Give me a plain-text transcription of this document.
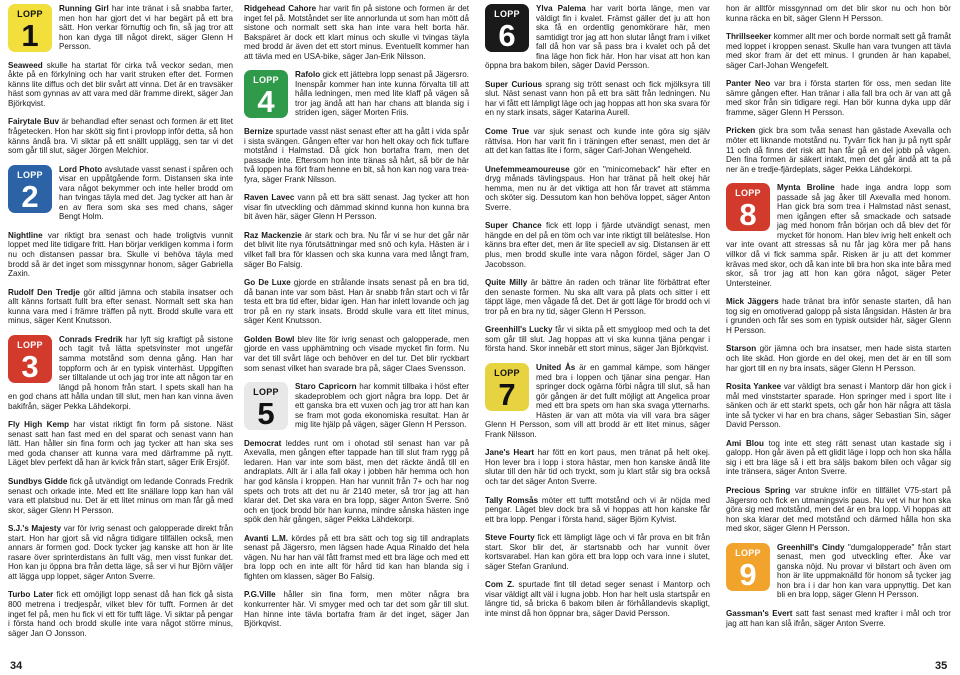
LOPP
1

Running Girl har inte tränat i så snabba farter, men hon har gjort det vi har begärt på ett bra sätt. Hon verkar förnuftig och fin, så jag tror att hon kan dyga till något direkt, säger Glenn H Persson.

Seaweed skulle ha startat för cirka två veckor sedan, men åkte på en förkylning och har varit struken efter det. Formen känns lite diffus och det blir svårt att vinna. Det är en travsäker häst som gynnas av att vara med där framme direkt, säger Jan Björkqvist.

Fairytale Buv är behandlad efter senast och formen är ett litet frågetecken. Hon har skött sig fint i provlopp inför detta, så hon känns ändå bra. Vi siktar på ett snällt upplägg, sen tar vi det som går till slut, säger Jörgen Melchior.

LOPP
2

Lord Photo avslutade vasst senast i spåren och visar en uppåtgående form. Distansen ska inte vara något bekymmer och inte heller brodd om han tvingas täyla med det. Jag tycker att han är en av flera som ska ses med chans, säger Bengt Holm.

Nightline var riktigt bra senast och hade troligtvis vunnit loppet med lite tidigare fritt. Han börjar verkligen komma i form nu och distansen passar bra. Skulle vi behöva täyla med brodd så är det inget som missgynnar honom, säger Gabriella Zaxin.

Rudolf Den Tredje gör alltid jämna och stabila insatser och allt känns fortsatt fullt bra efter senast. Normalt sett ska han kunna vara med i främre träffen på nytt. Brodd skulle vara ett minus, säger Kent Knutsson.

LOPP
3

Conrads Fredrik har lyft sig kraftigt på sistone och tagit två lätta spetsvinster mot ungefär samma motstånd som denna gång. Han har toppform och är en typisk vinterhäst. Uppgiften ser tilltalande ut och jag tror inte att någon tar en längd på honom från start. I spets skall han ha en god chans att hålla undan till slut, men han kan vinna även bakifrån, säger Pekka Lähdekorpi.

Fly High Kemp har vistat riktigt fin form på sistone. Näst senast satt han fast med en del sparat och senast vann han lätt. Han håller sin fina form och jag tycker att han ska ses med goda chanser att kunna vara med därframme på nytt. Läget blev perfekt då han är kvick från start, säger Erik Ersjöf.

Sundbys Gidde fick gå utvändigt om ledande Conrads Fredrik senast och orkade inte. Med ett lite snällare lopp kan han väl vara ett platsbud nu. Det är ett litet minus om man får gå med skor, säger Glenn H Persson.

S.J.'s Majesty var för ivrig senast och galopperade direkt från start. Hon har gjort så vid några tidigare tillfällen också, men annars är formen god. Dock tycker jag kanske att hon är lite rasare över sprinterdistans än fullt väg, men visst funkar det. Hon kan ju öppna bra från detta läge, så ser vi hur Björn väljer att lägga upp loppet, säger Anton Sverre.

Turbo Later fick ett omöjligt lopp senast då han fick gå sista 800 metrena i tredjespår, vilket blev för tufft. Formen är det inget fel på, men hu fick vi ett för tufft läge. Vi siktar på pengar i första hand och brodd skulle inte vara något större minus, säger Jan O Jonsson.

Ridgehead Cahore har varit fin på sistone och formen är det inget fel på. Motståndet ser lite annorlunda ut som han mött då sistone och normalt sett ska han inte vara helt borta här. Bakspäret är dock ett klart minus och skulle vi tvingas täyla med brodd är även det ett stort minus. Eventuellt kommer han att tävla med en USA-bike, säger Jan-Erik Nilsson.

LOPP
4

Rafolo gick ett jättebra lopp senast på Jägersro. Inenspår kommer han inte kunna förvalta till att hålla ledningen, men med lite klaff på vägen så tror jag ändå att han har chans att blanda sig i striden igen, säger Morten Friis.

Bernize spurtade vasst näst senast efter att ha gått i vida spår i sista svängen. Gången efter var hon helt okay och fick tuffare motstånd i Halmstad. Då gick hon bortafra fram, men det passade inte. Eftersom hon inte tränas så hårt, så bör de här två loppen ha fört fram henne en bit, så hon kan nog vara trea-fyra, säger Frank Nilsson.

Raven Lavec vann på ett bra sätt senast. Jag tycker att hon visar fin utveckling och dämmad skinnd kunna hon kunna bra bit även här, säger Glenn H Persson.

Raz Mackenzie är stark och bra. Nu får vi se hur det går när det blivit lite nya förutsättningar med snö och kyla. Hästen är i vilket fall bra för klassen och ska kunna vara med långt fram, säger Bo Falsig.

Go De Luxe gjorde en strålande insats senast på en bra tid, då banan inte var som bäst. Han är snabb från start och vi får testa ett bra tid efter, bidar igen. Han har inlett lovande och jag tror på en ny stark insats. Brodd skulle vara ett litet minus, säger Kent Knutsson.

Golden Bowl blev lite för ivrig senast och galopperade, men gjorde en vass upphämtning och visade mycket fin form. Nu var det till svårt läge och behöver en del tur. Det blir ryckbart som senast vilket han svarade bra på, säger Claes Svensson.

LOPP
5

Staro Capricorn har kommit tillbaka i höst efter skadeproblem och gjort några bra lopp. Det är ett ganska bra ett vuxen och jag tror att han kan se fram mot goda ekonomiska resultat. Han är mig lite hjälp på vägen, säger Glenn H Persson.

Democrat leddes runt om i ohotad stil senast han var på Axevalla, men gången efter tappade han till slut fram rygg på ledaren. Han var inte som bäst, men det räckte ändå till en andraplats. Allt är i alla fall okay i jobben här hemma och hon har god känsla i kroppen. Han har vunnit från 7+ och har nog spets och trots att det nu är 2140 meter, så tror jag att han klarar det. Det ska vara en bra lopp, säger Anton Sverre. Snö och en tjock brodd bör han kunna, mindre sånska hästen inge spök den här gången, säger Pekka Lähdekorpi.

Avanti L.M. kördes på ett bra sätt och tog sig till andraplats senast på Jägersro, men lägsen hade Aqua Rinaldo det hela vägen. Nu har han väl fått framst med ett bra läge och med ett bra lopp och en inte allt för hård tid kan han blanda sig i fighten om klassen, säger Bo Falsig.

P.G.Ville håller sin fina form, men möter några bra konkurrenter här. Vi smyger med och tar det som går till slut. Han hinne inte tävla bortafra fram är det inget, säger Jan Björkqvist.

LOPP
6

Ylva Palema har varit borta länge, men var väldigt fin i kvalet. Främst gäller det ju att hon ska få en ordentlig genomkörare här, men samtidigt tror jag att hon slutar långt fram i vilket fall då hon var så pass bra i kvalet och på det fina läge hon fick här. Hon har visat att hon kan öppna bra bakom bilen, säger David Persson.

Super Curious sprang sig trött senast och fick mjölksyra till slut. Näst senast vann hon på ett bra sätt från ledningen. Nu har vi fått ett lämpligt läge och jag hoppas att hon ska svara för en ny stark insats, säger Katarina Aurell.

Come True var sjuk senast och kunde inte göra sig själv rättvisa. Hon har varit fin i träningen efter senast, men det är att det kan fattas lite i form, säger Carl-Johan Wengeheld.

Unefemmeamoureuse gör en "minicomeback" här efter en dryg månads tävlingspaus. Hon har tränat på helt okej här hemma, men nu är det viktiga att hon får travet att stämma och sköter sig. Dessutom kan hon behöva loppet, säger Anton Sverre.

Super Chance fick ett lopp i fjärde utvändigt senast, men hängde en del på en töm och var inte riktigt till beläteslse. Hon känns bra efter det, men är lite speciell av sig. Distansen är ett plus, men brodd skulle inte vara någon fördel, säger Jan O Jacobsson.

Quite Milly är bättre än raden och tränar lite förbättrat efter den senaste formen. Nu ska allt vara på plats och sitter i ett täppt läge, men vågade få det. Det är gott läge för brodd och vi tror på en bra ny tid, säger Glenn H Persson.

Greenhill's Lucky får vi sikta på ett smygloop med och ta det som går till slut. Jag hoppas att vi ska kunna tjäna pengar i första hand. Skor innebär ett stort minus, säger Jan Björkqvist.

LOPP
7

United Ås är en gammal kämpe, som hänger med bra i loppen och tjänar sina pengar. Han springer dock ogärna förbi några till slut, så han gör gången är det fullt möjligt att Angelica proar med ett bra spets om han ska svaga ytternarhs. Hästen är van att möta via vill vara bra säger Glenn H Persson, som vill att brodd är ett litet minus, säger Frank Nilsson.

Jane's Heart har fött en kort paus, men tränat på helt okej. Hon lever bra i lopp i stora hästar, men hon kanske ändå lite slutar till den här tid och tryckt, som ju klart står sig bra också och tar det säger Anton Sverre.

Tally Romsås möter ett tufft motstånd och vi är nöjda med pengar. Läget blev dock bra så vi hoppas att hon kanske får ett bra lopp. Pengar i första hand, säger Björn Kylvist.

Steve Fourty fick ett lämpligt läge och vi får prova en bit från start. Skor blir det, är startsnabb och har vunnit över kortsvarabel. Han kan göra ett bra lopp och vara inne i slutet, säger Stefan Granlund.

Com Z. spurtade fint till detad seger senast i Mantorp och visar väldigt allt väl i lugna jobb. Hon har helt usla startspår en längre tid, så bricka 6 bakom bilen är förhållandevis skapligt, inte minst då hon öppnar bra, säger David Persson.

hon är alltför missgynnad om det blir skor nu och hon bör kunna räcka en bit, säger Glenn H Persson.

Thrillseeker kommer allt mer och borde normalt sett gå framåt med loppet i kroppen senast. Skulle han vara tvungen att tävla med skor fram är det ett minus. I grunden är han kapabel, säger Carl-Johan Wengefelt.

Panter Neo var bra i första starten för oss, men sedan lite sämre gången efter. Han tränar i alla fall bra och är van att gå med skor från sin tidigare regi. Han bör kunna dyka upp där framme, säger Glenn H Persson.

Pricken gick bra som tvåa senast han gästade Axevalla och möter ett liknande motstånd nu. Tyvärr fick han ju på nytt spår 11 och då finns det risk att han får gå en del jobb på vägen. Den fina formen är säkert intakt, men det går ändå att ta på ner än e tredje-fjärdeplats, säger Pekka Lähdekorpi.

LOPP
8

Mynta Broline hade inga andra lopp som passade så jag åker till Axevalla med honom. Han gick bra som trea i Halmstad näst senast, men igången efter så smackade och satsade jag med honom från början och då blev det för mycket för honom. Han blev ivrig helt enkelt och var inte ovant att stressas så nu får jag köra mer på hans villkor då vi fick samma spår. Risken är ju att det kommer krävas med skor, och då kan inte bli bra hon ska inte båra med skor, så tror jag att hon kan göra något, säger Peter Untersteiner.

Mick Jäggers hade tränat bra inför senaste starten, då han tog sig en omotiverad galopp på sista långsidan. Hästen är bra i grunden och får ses som en typisk outsider här, säger Glenn H Persson.

Starson gör jämna och bra insatser, men hade sista starten och lite skäd. Hon gjorde en del okej, men det är en till som har gjort till en ny bra insats, säger Glenn H Persson.

Rosita Yankee var väldigt bra senast i Mantorp där hon gick i mål med vinststarter sparade. Hon springer med i sport lite i sänken och är ett starkt spets, och går hon här några att täsla inte så tycker vi har en bra chans, säger Sebastian Sin, säger David Persson.

Ami Blou tog inte ett steg rätt senast utan kastade sig i galopp. Hon går även på ett glidit läge i lopp och hon ska hålla sig i ett bra läge så i ett bra säljs bakom bilen och vågar sig inte tränsera, säger Anton Sverre.

Precious Spring var strukne inför en tillfället V75-start på Jägersro och fick en utmaningsvis paus. Nu vet vi hur hon ska göra sig med motstånd, men det är en bra lopp. Vi hoppas att hon ska klarar det med motstånd och därmed hålla hon ska med skor, säger Glenn H Persson.

LOPP
9

Greenhill's Cindy "dumgalopperade" från start senast, men god utveckling efter. Åke var ganska nöjd. Nu provar vi bilstart och även om hon är lite uppmaknälld för honom så tycker jag hon bra i i dar hon kan vara uppnyttig. Det kan bli en bra lopp, säger Glenn H Persson.

Gassman's Evert satt fast senast med krafter i mål och tror jag att han kan slå ifrån, säger Anton Sverre.

34	35
